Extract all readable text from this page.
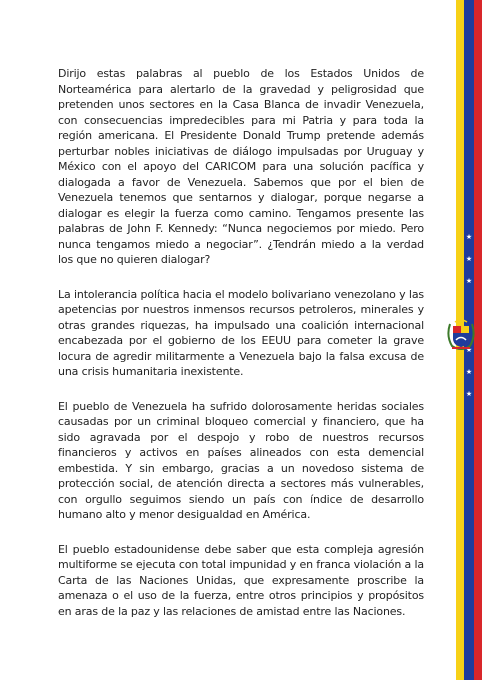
Dirijo estas palabras al pueblo de los Estados Unidos de Norteamérica para alertarlo de la gravedad y peligrosidad que pretenden unos sectores en la Casa Blanca de invadir Venezuela, con consecuencias impredecibles para mi Patria y para toda la región americana. El Presidente Donald Trump pretende además perturbar nobles iniciativas de diálogo impulsadas por Uruguay y México con el apoyo del CARICOM para una solución pacífica y dialogada a favor de Venezuela. Sabemos que por el bien de Venezuela tenemos que sentarnos y dialogar, porque negarse a dialogar es elegir la fuerza como camino. Tengamos presente las palabras de John F. Kennedy: “Nunca negociemos por miedo. Pero nunca tengamos miedo a negociar”. ¿Tendrán miedo a la verdad los que no quieren dialogar?

La intolerancia política hacia el modelo bolivariano venezolano y las apetencias por nuestros inmensos recursos petroleros, minerales y otras grandes riquezas, ha impulsado una coalición internacional encabezada por el gobierno de los EEUU para cometer la grave locura de agredir militarmente a Venezuela bajo la falsa excusa de una crisis humanitaria inexistente.

El pueblo de Venezuela ha sufrido dolorosamente heridas sociales causadas por un criminal bloqueo comercial y financiero, que ha sido agravada por el despojo y robo de nuestros recursos financieros y activos en países alineados con esta demencial embestida. Y sin embargo, gracias a un novedoso sistema de protección social, de atención directa a sectores más vulnerables, con orgullo seguimos siendo un país con índice de desarrollo humano alto y menor desigualdad en América.

El pueblo estadounidense debe saber que esta compleja agresión multiforme se ejecuta con total impunidad y en franca violación a la Carta de las Naciones Unidas, que expresamente proscribe la amenaza o el uso de la fuerza, entre otros principios y propósitos en aras de la paz y las relaciones de amistad entre las Naciones.

★
★
★
★
★
★
